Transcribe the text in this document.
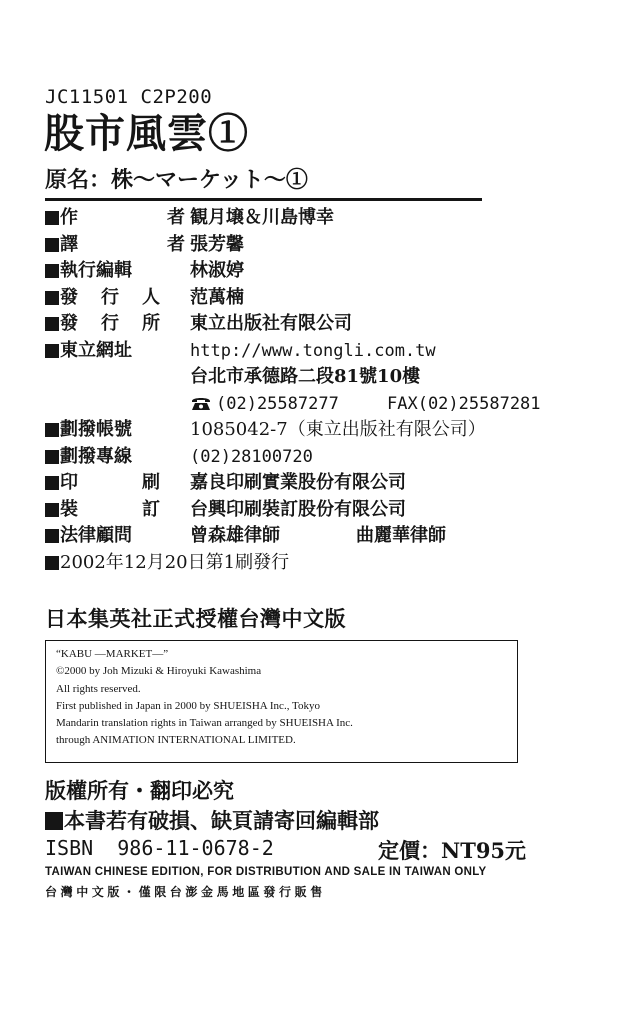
JC11501 C2P200
股市風雲①
原名：株～マーケット～①
作	者 観月壌＆川島博幸
譯	者 張芳馨
執行編輯	林淑婷
發 行 人 范萬楠
發 行 所 東立出版社有限公司
東立網址	http://www.tongli.com.tw
台北市承德路二段81號10樓
(02)25587277	FAX(02)25587281
劃撥帳號	1085042-7（東立出版社有限公司）
劃撥專線	(02)28100720
印	刷 嘉良印刷實業股份有限公司
裝	訂 台興印刷裝訂股份有限公司
法律顧問	曾森雄律師	曲麗華律師
2002年12月20日第1刷發行
日本集英社正式授權台灣中文版
“KABU —MARKET—”
©2000 by Joh Mizuki & Hiroyuki Kawashima
All rights reserved.
First published in Japan in 2000 by SHUEISHA Inc., Tokyo
Mandarin translation rights in Taiwan arranged by SHUEISHA Inc.
through ANIMATION INTERNATIONAL LIMITED.
版權所有・翻印必究
本書若有破損、缺頁請寄回編輯部
ISBN  986-11-0678-2	定價：NT95元
TAIWAN CHINESE EDITION, FOR DISTRIBUTION AND SALE IN TAIWAN ONLY
台灣中文版・僅限台澎金馬地區發行販售
